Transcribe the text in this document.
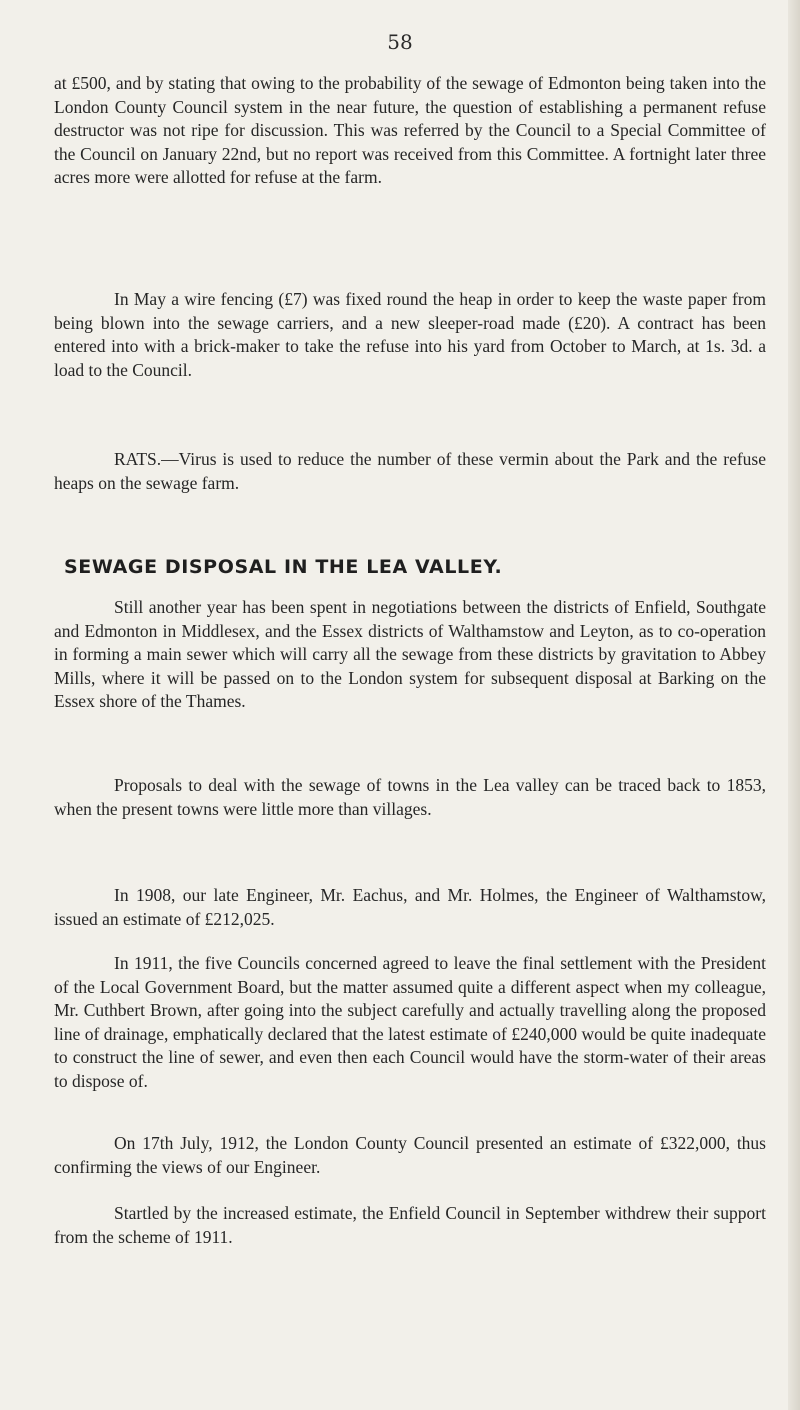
58

at £500, and by stating that owing to the probability of the sewage of Edmonton being taken into the London County Council system in the near future, the question of establishing a permanent refuse destructor was not ripe for discussion. This was referred by the Council to a Special Committee of the Council on January 22nd, but no report was received from this Committee. A fortnight later three acres more were allotted for refuse at the farm.

In May a wire fencing (£7) was fixed round the heap in order to keep the waste paper from being blown into the sewage carriers, and a new sleeper-road made (£20). A contract has been entered into with a brick-maker to take the refuse into his yard from October to March, at 1s. 3d. a load to the Council.

RATS.—Virus is used to reduce the number of these vermin about the Park and the refuse heaps on the sewage farm.

SEWAGE DISPOSAL IN THE LEA VALLEY.

Still another year has been spent in negotiations between the districts of Enfield, Southgate and Edmonton in Middlesex, and the Essex districts of Walthamstow and Leyton, as to co-operation in forming a main sewer which will carry all the sewage from these districts by gravitation to Abbey Mills, where it will be passed on to the London system for subsequent disposal at Barking on the Essex shore of the Thames.

Proposals to deal with the sewage of towns in the Lea valley can be traced back to 1853, when the present towns were little more than villages.

In 1908, our late Engineer, Mr. Eachus, and Mr. Holmes, the Engineer of Walthamstow, issued an estimate of £212,025.

In 1911, the five Councils concerned agreed to leave the final settlement with the President of the Local Government Board, but the matter assumed quite a different aspect when my colleague, Mr. Cuthbert Brown, after going into the subject carefully and actually travelling along the proposed line of drainage, emphatically declared that the latest estimate of £240,000 would be quite inadequate to construct the line of sewer, and even then each Council would have the storm-water of their areas to dispose of.

On 17th July, 1912, the London County Council presented an estimate of £322,000, thus confirming the views of our Engineer.

Startled by the increased estimate, the Enfield Council in September withdrew their support from the scheme of 1911.
